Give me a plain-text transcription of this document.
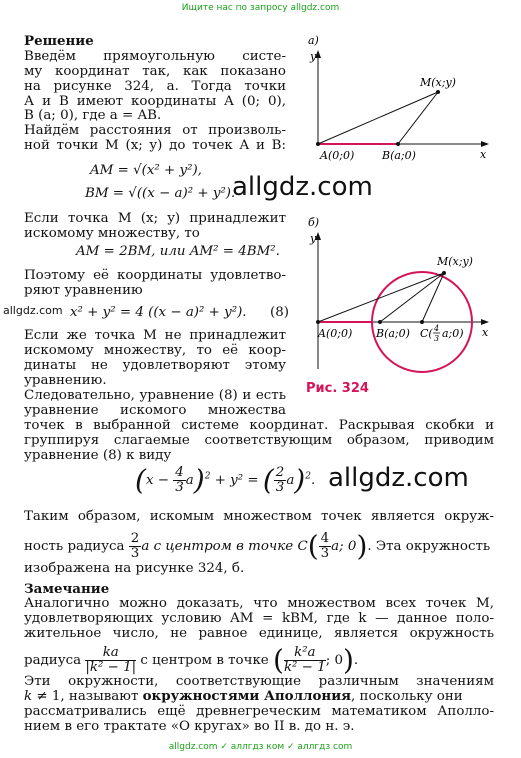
Ищите нас по запросу allgdz.com
Решение
Введём прямоугольную систе-
му координат так, как показано
на рисунке 324, а. Тогда точки
А и В имеют координаты A (0; 0),
B (a; 0), где a = AB.
Найдём расстояния от произволь-
ной точки M (x; y) до точек A и B:
AM = √(x² + y²),
BM = √((x − a)² + y²).
Если точка M (x; y) принадлежит
искомому множеству, то
AM = 2BM, или AM² = 4BM².
Поэтому её координаты удовлетво-
ряют уравнению
x² + y² = 4 ((x − a)² + y²). (8)
Если же точка M не принадлежит
искомому множеству, то её коор-
динаты не удовлетворяют этому
уравнению.
Следовательно, уравнение (8) и есть
уравнение искомого множества
точек в выбранной системе координат. Раскрывая скобки и
группируя слагаемые соответствующим образом, приводим
уравнение (8) к виду
$(x - \frac{4}{3} a)^2 + y^2$ = ( $\frac{2}{3} a)^2$.
Таким образом, искомым множеством точек является окруж-
ность радиуса $\frac{2}{3}$ a с центром в точке $C( \frac{4}{3} a$; 0). Эта окружность
изображена на рисунке 324, б.
Замечание
Аналогично можно доказать, что множеством всех точек M,
удовлетворяющих условию AM = kBM, где k — данное поло-
жительное число, не равное единице, является окружность
радиуса $\frac{ka}{\text{|k² − 1|}}$ с центром в точке ( $\frac{\text{k²a}}{\text{k² − 1}}$ ; 0).
Эти окружности, соответствующие различным значениям
k ≠ 1, называют окружностями Аполлония, поскольку они
рассматривались ещё древнегреческим математиком Аполло-
нием в его трактате «О кругах» во II в. до н. э.
allgdz.com
allgdz.com
allgdz.com
а)
y
x
A(0;0)	B(a;0)
M(x;y)
б)
y
x
A(0;0) B(a;0) C( 4
3 a;0)
M(x;y)
Рис. 324
allgdz.com ✓ аллгдз ком ✓ аллгдз com
